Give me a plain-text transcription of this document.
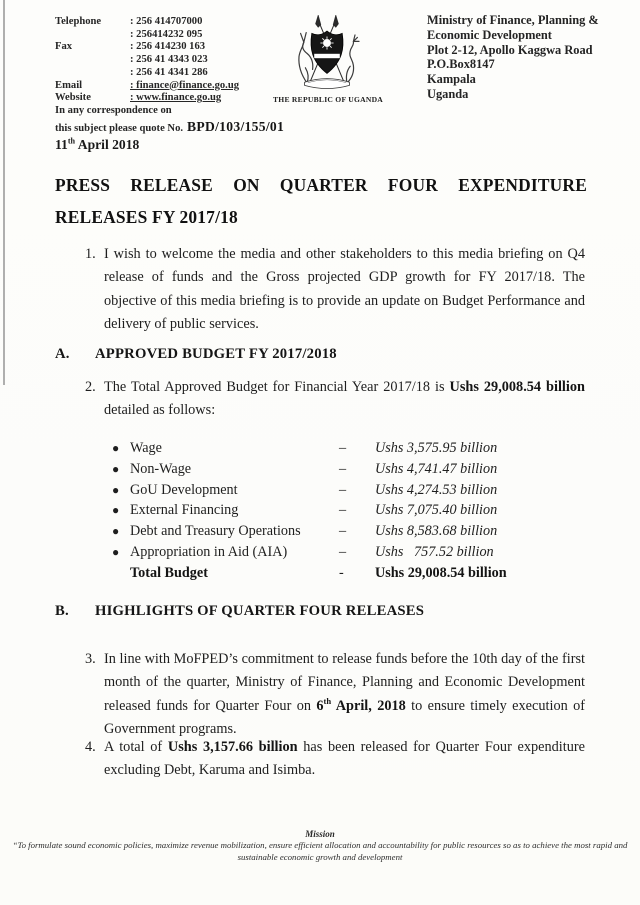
Telephone	: 256 414707000
: 256414232 095
Fax	: 256 414230 163
: 256 41 4343 023
: 256 41 4341 286
Email	: finance@finance.go.ug
Website	: www.finance.go.ug
In any correspondence on
this subject please quote No. BPD/103/155/01
THE REPUBLIC OF UGANDA
Ministry of Finance, Planning &
Economic Development
Plot 2-12, Apollo Kaggwa Road
P.O.Box8147
Kampala
Uganda
11th April 2018
PRESS RELEASE ON QUARTER FOUR EXPENDITURE
RELEASES FY 2017/18
1. I wish to welcome the media and other stakeholders to this media briefing on Q4 release of funds and the Gross projected GDP growth for FY 2017/18. The objective of this media briefing is to provide an update on Budget Performance and delivery of public services.
A.	APPROVED BUDGET FY 2017/2018
2. The Total Approved Budget for Financial Year 2017/18 is Ushs 29,008.54 billion detailed as follows:
● Wage	–	Ushs 3,575.95 billion
● Non-Wage	–	Ushs 4,741.47 billion
● GoU Development	–	Ushs 4,274.53 billion
● External Financing	–	Ushs 7,075.40 billion
● Debt and Treasury Operations	–	Ushs 8,583.68 billion
● Appropriation in Aid (AIA)	–	Ushs   757.52 billion
Total Budget	-	Ushs 29,008.54 billion
B.	HIGHLIGHTS OF QUARTER FOUR RELEASES
3. In line with MoFPED’s commitment to release funds before the 10th day of the first month of the quarter, Ministry of Finance, Planning and Economic Development released funds for Quarter Four on 6th April, 2018 to ensure timely execution of Government programs.
4. A total of Ushs 3,157.66 billion has been released for Quarter Four expenditure excluding Debt, Karuma and Isimba.
Mission
“To formulate sound economic policies, maximize revenue mobilization, ensure efficient allocation and accountability for public resources so as to achieve the most rapid and sustainable economic growth and development
